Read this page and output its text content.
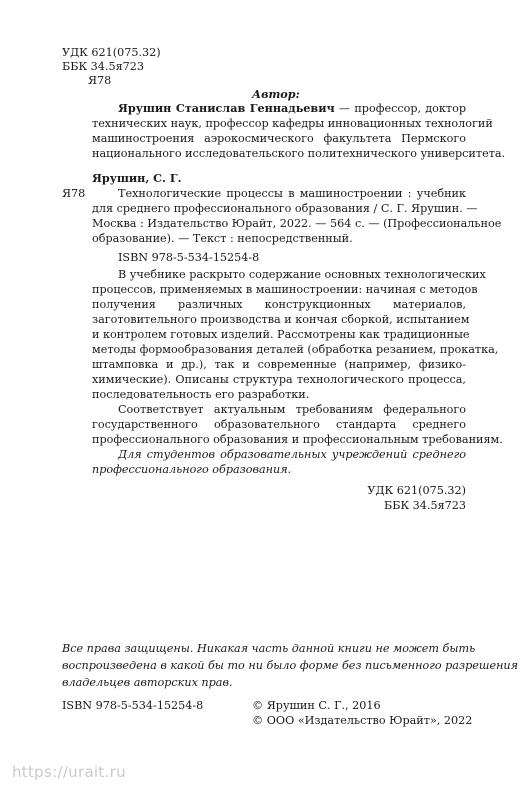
УДК 621(075.32)
ББК 34.5я723
Я78
Автор:
Ярушин Станислав Геннадьевич — профессор, доктор
технических наук, профессор кафедры инновационных технологий
машиностроения аэрокосмического факультета Пермского
национального исследовательского политехнического университета.
Ярушин, С. Г.
Я78	Технологические процессы в машиностроении : учебник
для среднего профессионального образования / С. Г. Ярушин. —
Москва : Издательство Юрайт, 2022. — 564 с. — (Профессиональное
образование). — Текст : непосредственный.
ISBN 978-5-534-15254-8
В учебнике раскрыто содержание основных технологических
процессов, применяемых в машиностроении: начиная с методов
получения различных конструкционных материалов,
заготовительного производства и кончая сборкой, испытанием
и контролем готовых изделий. Рассмотрены как традиционные
методы формообразования деталей (обработка резанием, прокатка,
штамповка и др.), так и современные (например, физико-
химические). Описаны структура технологического процесса,
последовательность его разработки.
Соответствует актуальным требованиям федерального
государственного образовательного стандарта среднего
профессионального образования и профессиональным требованиям.
Для студентов образовательных учреждений среднего
профессионального образования.
УДК 621(075.32)
ББК 34.5я723
Все права защищены. Никакая часть данной книги не может быть
воспроизведена в какой бы то ни было форме без письменного разрешения
владельцев авторских прав.
ISBN 978-5-534-15254-8	© Ярушин С. Г., 2016
© ООО «Издательство Юрайт», 2022
https://urait.ru
